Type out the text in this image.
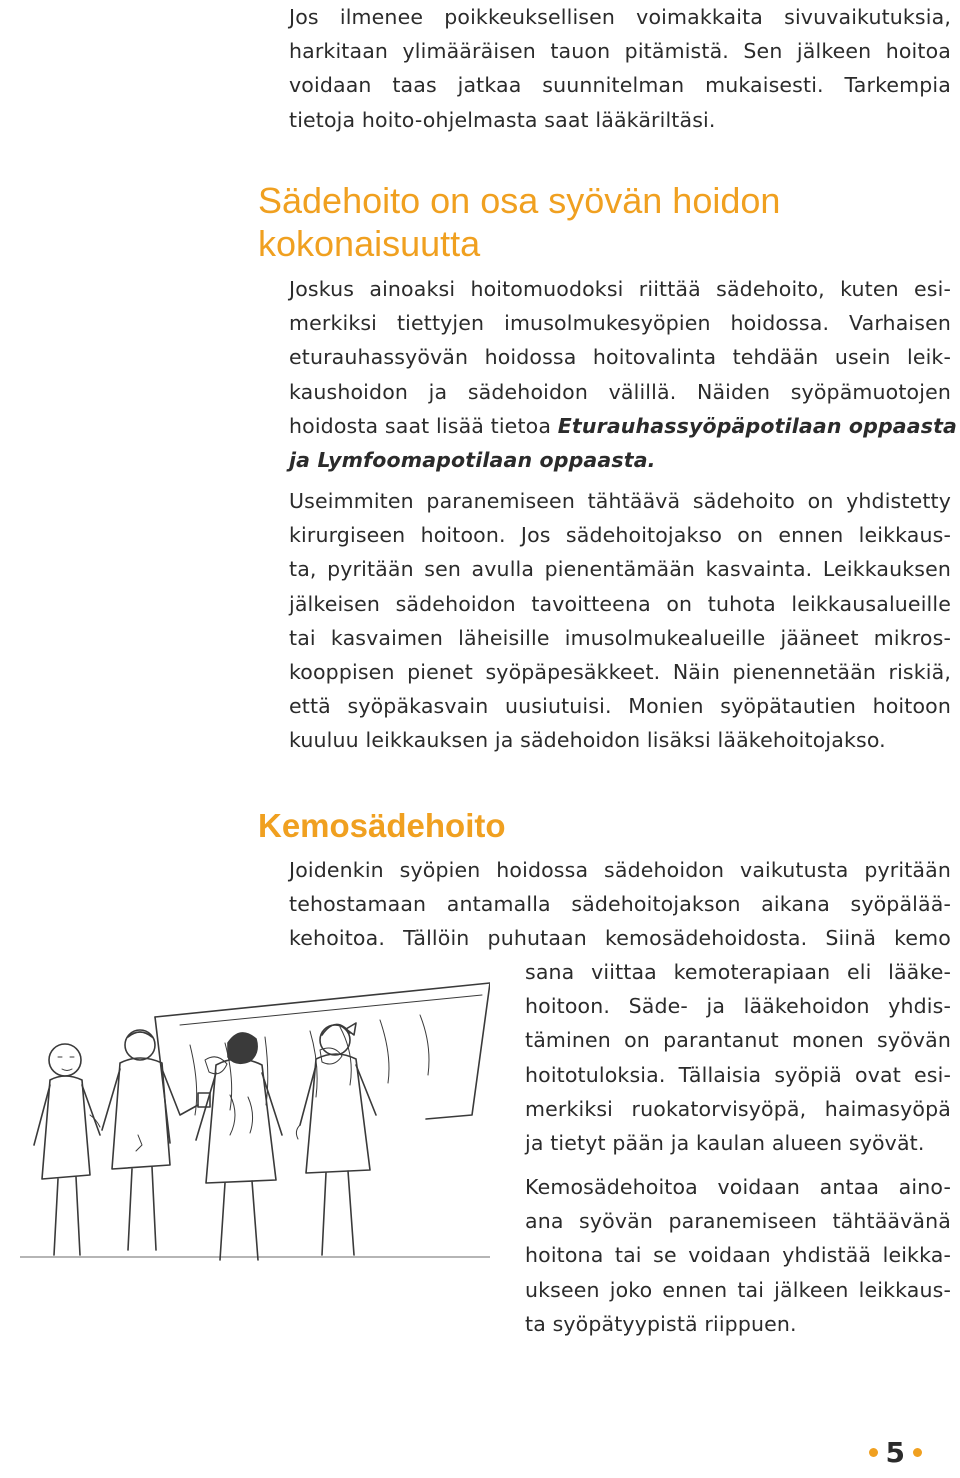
Jos ilmenee poikkeuksellisen voimakkaita sivuvaikutuksia,
harkitaan ylimääräisen tauon pitämistä. Sen jälkeen hoitoa
voidaan taas jatkaa suunnitelman mukaisesti. Tarkempia
tietoja hoito-ohjelmasta saat lääkäriltäsi.
Sädehoito on osa syövän hoidon
kokonaisuutta
Joskus ainoaksi hoitomuodoksi riittää sädehoito, kuten esi-
merkiksi tiettyjen imusolmukesyöpien hoidossa. Varhaisen
eturauhassyövän hoidossa hoitovalinta tehdään usein leik-
kaushoidon ja sädehoidon välillä. Näiden syöpämuotojen
hoidosta saat lisää tietoa Eturauhassyöpäpotilaan oppaasta
ja Lymfoomapotilaan oppaasta.
Useimmiten paranemiseen tähtäävä sädehoito on yhdistetty
kirurgiseen hoitoon. Jos sädehoitojakso on ennen leikkaus-
ta, pyritään sen avulla pienentämään kasvainta. Leikkauksen
jälkeisen sädehoidon tavoitteena on tuhota leikkausalueille
tai kasvaimen läheisille imusolmukealueille jääneet mikros-
kooppisen pienet syöpäpesäkkeet. Näin pienennetään riskiä,
että syöpäkasvain uusiutuisi. Monien syöpätautien hoitoon
kuuluu leikkauksen ja sädehoidon lisäksi lääkehoitojakso.
Kemosädehoito
Joidenkin syöpien hoidossa sädehoidon vaikutusta pyritään
tehostamaan antamalla sädehoitojakson aikana syöpälää-
kehoitoa. Tällöin puhutaan kemosädehoidosta. Siinä kemo
sana viittaa kemoterapiaan eli lääke-
hoitoon. Säde- ja lääkehoidon yhdis-
täminen on parantanut monen syövän
hoitotuloksia. Tällaisia syöpiä ovat esi-
merkiksi ruokatorvisyöpä, haimasyöpä
ja tietyt pään ja kaulan alueen syövät.
Kemosädehoitoa voidaan antaa aino-
ana syövän paranemiseen tähtäävänä
hoitona tai se voidaan yhdistää leikka-
ukseen joko ennen tai jälkeen leikkaus-
ta syöpätyypistä riippuen.
5
